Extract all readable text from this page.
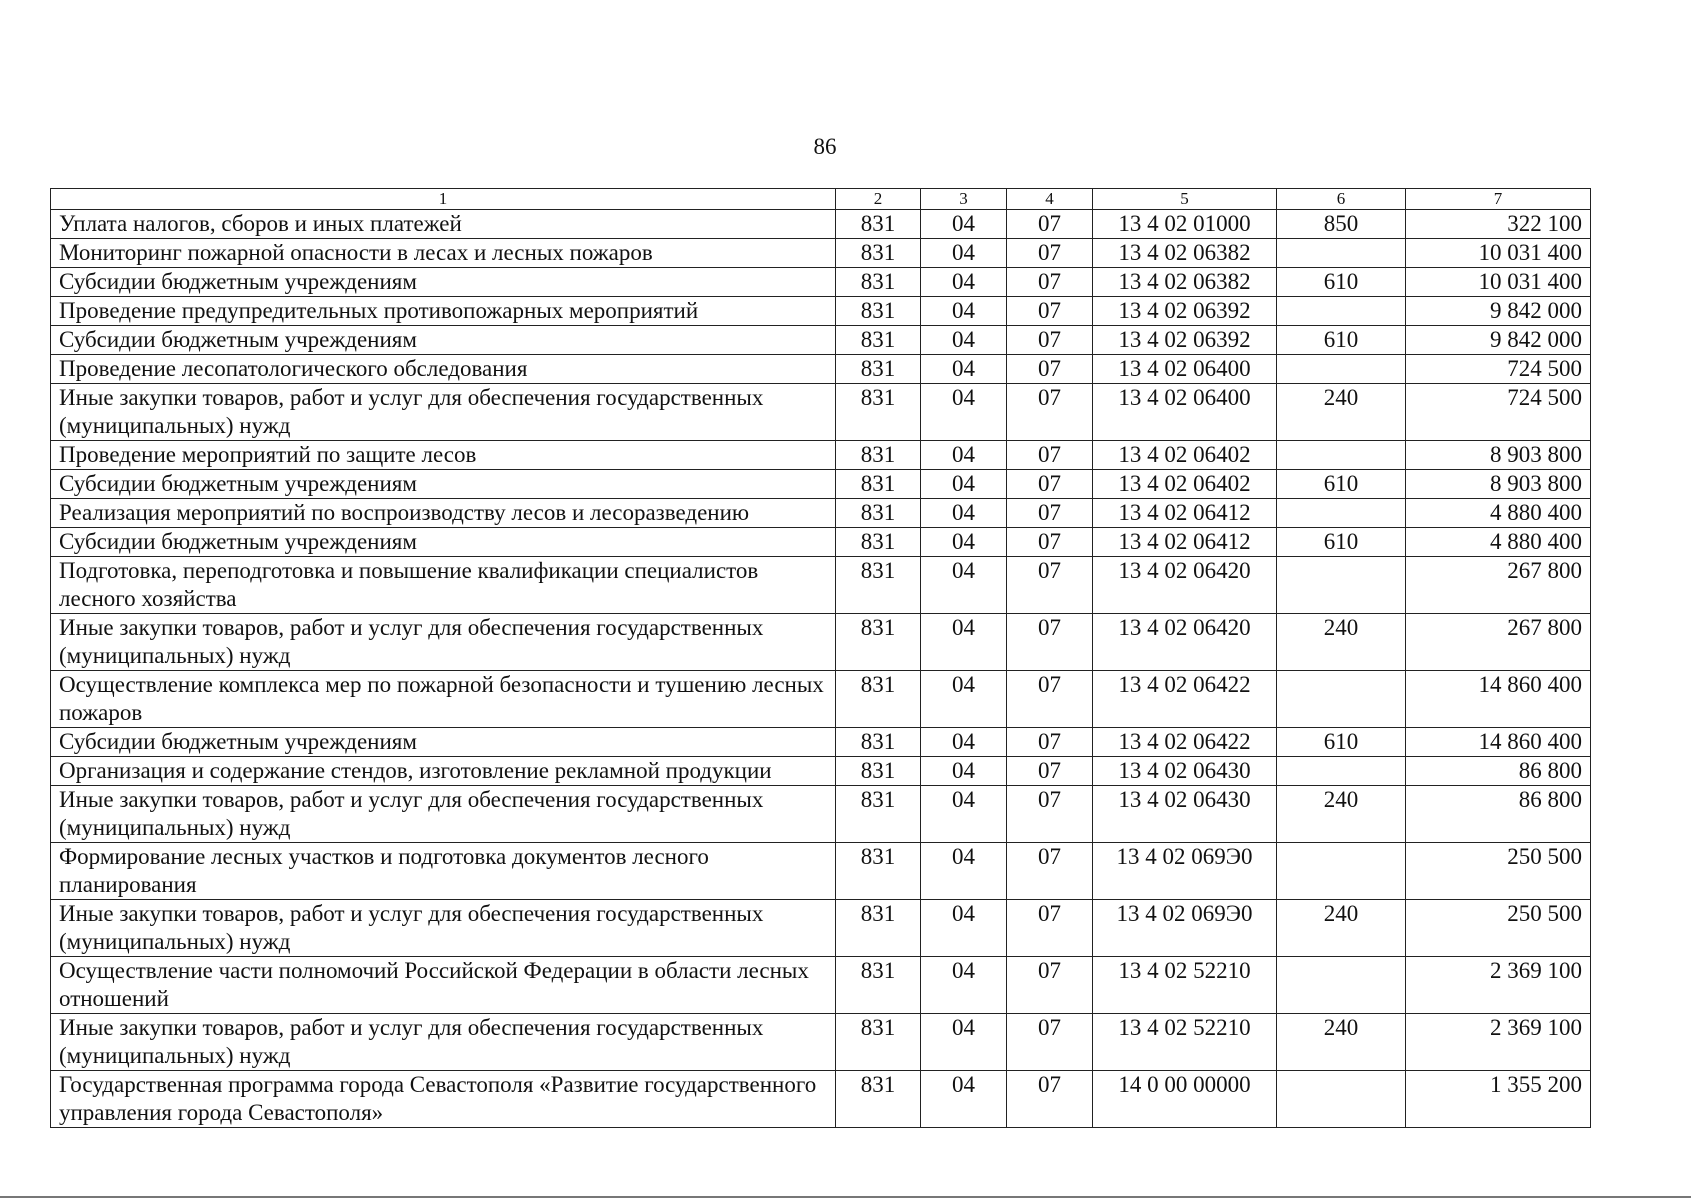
86
1	2	3	4	5	6	7
Уплата налогов, сборов и иных платежей	831	04	07	13 4 02 01000	850	322 100
Мониторинг пожарной опасности в лесах и лесных пожаров	831	04	07	13 4 02 06382		10 031 400
Субсидии бюджетным учреждениям	831	04	07	13 4 02 06382	610	10 031 400
Проведение предупредительных противопожарных мероприятий	831	04	07	13 4 02 06392		9 842 000
Субсидии бюджетным учреждениям	831	04	07	13 4 02 06392	610	9 842 000
Проведение лесопатологического обследования	831	04	07	13 4 02 06400		724 500
Иные закупки товаров, работ и услуг для обеспечения государственных (муниципальных) нужд	831	04	07	13 4 02 06400	240	724 500
Проведение мероприятий по защите лесов	831	04	07	13 4 02 06402		8 903 800
Субсидии бюджетным учреждениям	831	04	07	13 4 02 06402	610	8 903 800
Реализация мероприятий по воспроизводству лесов и лесоразведению	831	04	07	13 4 02 06412		4 880 400
Субсидии бюджетным учреждениям	831	04	07	13 4 02 06412	610	4 880 400
Подготовка, переподготовка и повышение квалификации специалистов лесного хозяйства	831	04	07	13 4 02 06420		267 800
Иные закупки товаров, работ и услуг для обеспечения государственных (муниципальных) нужд	831	04	07	13 4 02 06420	240	267 800
Осуществление комплекса мер по пожарной безопасности и тушению лесных пожаров	831	04	07	13 4 02 06422		14 860 400
Субсидии бюджетным учреждениям	831	04	07	13 4 02 06422	610	14 860 400
Организация и содержание стендов, изготовление рекламной продукции	831	04	07	13 4 02 06430		86 800
Иные закупки товаров, работ и услуг для обеспечения государственных (муниципальных) нужд	831	04	07	13 4 02 06430	240	86 800
Формирование лесных участков и подготовка документов лесного планирования	831	04	07	13 4 02 069Э0		250 500
Иные закупки товаров, работ и услуг для обеспечения государственных (муниципальных) нужд	831	04	07	13 4 02 069Э0	240	250 500
Осуществление части полномочий Российской Федерации в области лесных отношений	831	04	07	13 4 02 52210		2 369 100
Иные закупки товаров, работ и услуг для обеспечения государственных (муниципальных) нужд	831	04	07	13 4 02 52210	240	2 369 100
Государственная программа города Севастополя «Развитие государственного управления города Севастополя»	831	04	07	14 0 00 00000		1 355 200
